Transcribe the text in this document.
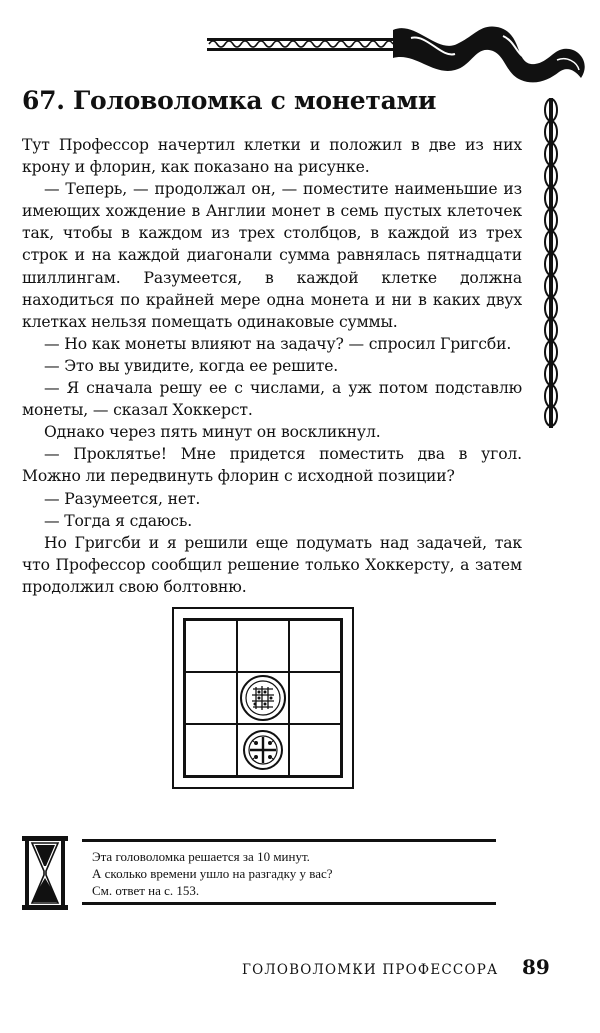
67. Головоломка с монетами

Тут Профессор начертил клетки и положил в две из них крону и флорин, как показано на рисунке.

— Теперь, — продолжал он, — поместите наименьшие из имеющих хождение в Англии монет в семь пустых клеточек так, чтобы в каждом из трех столбцов, в каждой из трех строк и на каждой диагонали сумма равнялась пятнадцати шиллингам. Разумеется, в каждой клетке должна находиться по крайней мере одна монета и ни в каких двух клетках нельзя помещать одинаковые суммы.

— Но как монеты влияют на задачу? — спросил Григсби.

— Это вы увидите, когда ее решите.

— Я сначала решу ее с числами, а уж потом подставлю монеты, — сказал Хоккерст.

Однако через пять минут он воскликнул.

— Проклятье! Мне придется поместить два в угол. Можно ли передвинуть флорин с исходной позиции?

— Разумеется, нет.

— Тогда я сдаюсь.

Но Григсби и я решили еще подумать над задачей, так что Профессор сообщил решение только Хоккерсту, а затем продолжил свою болтовню.

Эта головоломка решается за 10 минут.
А сколько времени ушло на разгадку у вас?
См. ответ на с. 153.
ГОЛОВОЛОМКИ ПРОФЕССОРА 89
